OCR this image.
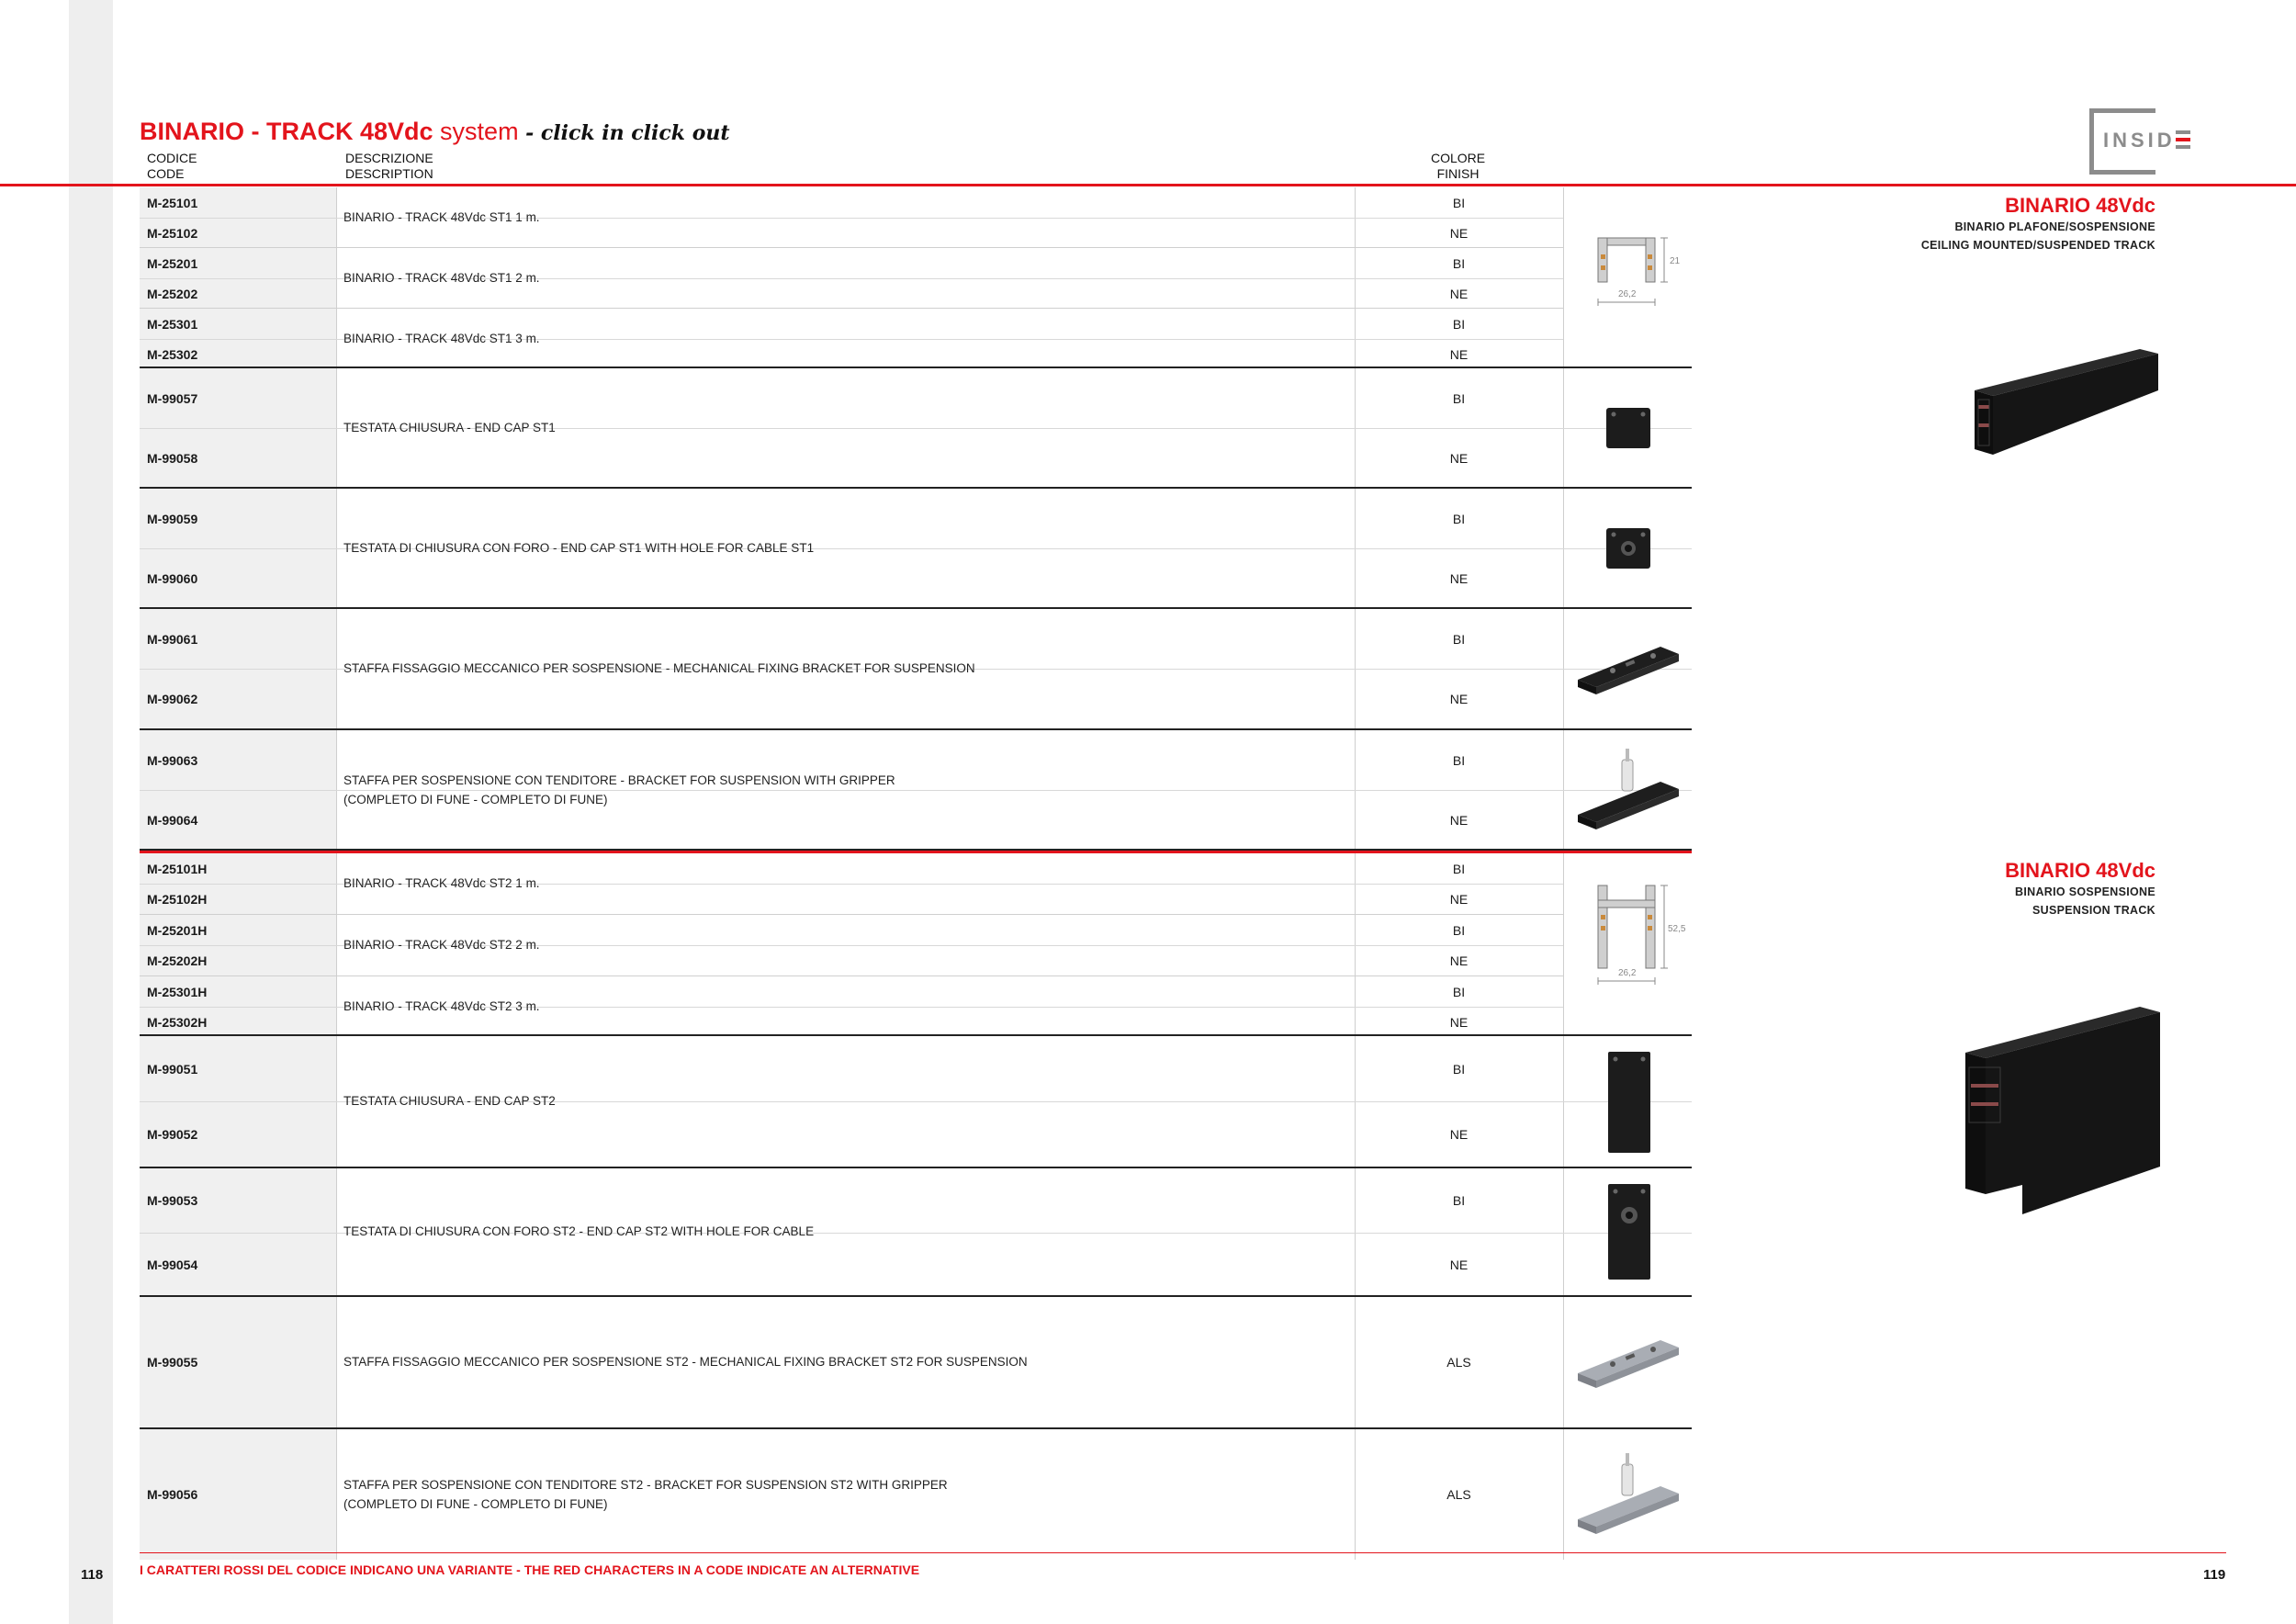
BINARIO - TRACK 48Vdc system - click in click out
CODICE
CODE
DESCRIZIONE
DESCRIPTION
COLORE
FINISH
INSID
M-25101	BI
M-25102	NE
BINARIO - TRACK 48Vdc ST1 1 m.
M-25201	BI
M-25202	NE
BINARIO - TRACK 48Vdc ST1 2 m.
M-25301	BI
M-25302	NE
BINARIO - TRACK 48Vdc ST1 3 m.
21
26,2
M-99057	BI
M-99058	NE
TESTATA CHIUSURA - END CAP ST1
M-99059	BI
M-99060	NE
TESTATA DI CHIUSURA CON FORO - END CAP ST1 WITH HOLE FOR CABLE ST1
M-99061	BI
M-99062	NE
STAFFA FISSAGGIO MECCANICO PER SOSPENSIONE - MECHANICAL FIXING BRACKET FOR SUSPENSION
M-99063	BI
M-99064	NE
STAFFA PER SOSPENSIONE CON TENDITORE - BRACKET FOR SUSPENSION WITH GRIPPER
(COMPLETO DI FUNE - COMPLETO DI FUNE)
M-25101H	BI
M-25102H	NE
BINARIO - TRACK 48Vdc ST2 1 m.
M-25201H	BI
M-25202H	NE
BINARIO - TRACK 48Vdc ST2 2 m.
M-25301H	BI
M-25302H	NE
BINARIO - TRACK 48Vdc ST2 3 m.
52,5
26,2
M-99051	BI
M-99052	NE
TESTATA CHIUSURA - END CAP ST2
M-99053	BI
M-99054	NE
TESTATA DI CHIUSURA CON FORO ST2 - END CAP ST2 WITH HOLE FOR CABLE
M-99055	ALS
STAFFA FISSAGGIO MECCANICO PER SOSPENSIONE ST2 - MECHANICAL FIXING BRACKET ST2 FOR SUSPENSION
M-99056	ALS
STAFFA PER SOSPENSIONE CON TENDITORE ST2 - BRACKET FOR SUSPENSION ST2 WITH GRIPPER
(COMPLETO DI FUNE - COMPLETO DI FUNE)
BINARIO 48Vdc
BINARIO PLAFONE/SOSPENSIONE
CEILING MOUNTED/SUSPENDED TRACK
BINARIO 48Vdc
BINARIO SOSPENSIONE
SUSPENSION TRACK
I CARATTERI ROSSI DEL CODICE INDICANO UNA VARIANTE - THE RED CHARACTERS IN A CODE INDICATE AN ALTERNATIVE
118	119
